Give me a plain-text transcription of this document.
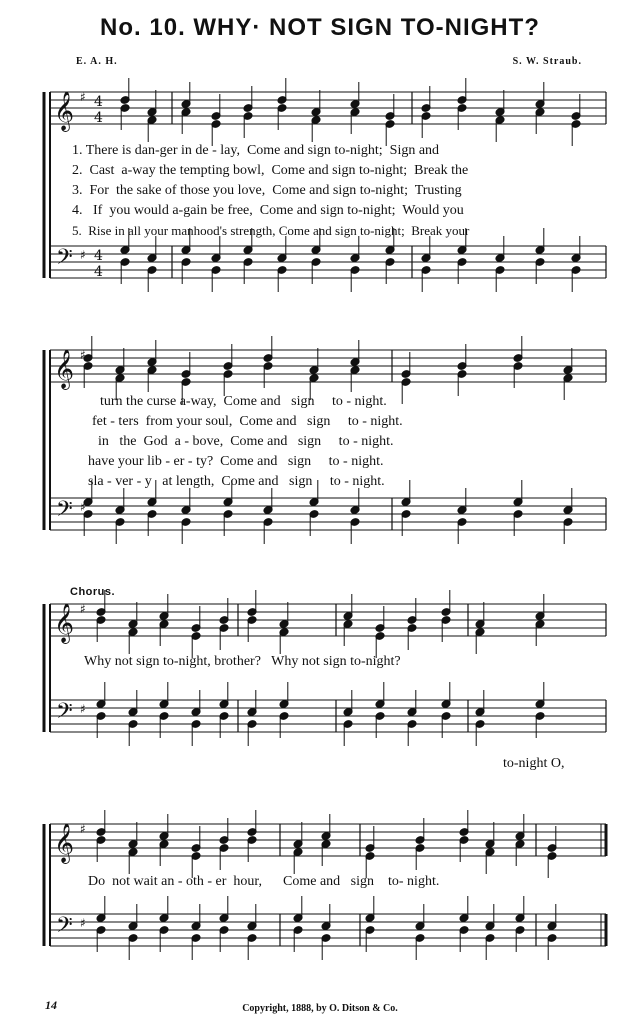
No. 10. WHY· NOT SIGN TO-NIGHT?
E. A. H.	S. W. Straub.
𝄞
𝄢
♯
♯
4
4
4
4
𝄞
𝄢
♯
♯
𝄞
𝄢
♯
♯
𝄞
𝄢
♯
♯
1. There is dan-ger in de - lay,  Come and sign to-night;  Sign and
2.  Cast  a-way the tempting bowl,  Come and sign to-night;  Break the
3.  For  the sake of those you love,  Come and sign to-night;  Trusting
4.   If  you would a-gain be free,  Come and sign to-night;  Would you
5.  Rise in all your manhood's strength, Come and sign to-night;  Break your
turn the curse a-way,  Come and   sign     to - night.
fet - ters  from your soul,  Come and   sign     to - night.
in   the  God  a - bove,  Come and   sign     to - night.
have your lib - er - ty?  Come and   sign     to - night.
sla - ver - y   at length,  Come and   sign     to - night.
Chorus.
Why not sign to-night, brother?   Why not sign to-night?
to-night O,
Do  not wait an - oth - er  hour,      Come and   sign    to- night.
14	Copyright, 1888, by O. Ditson & Co.
